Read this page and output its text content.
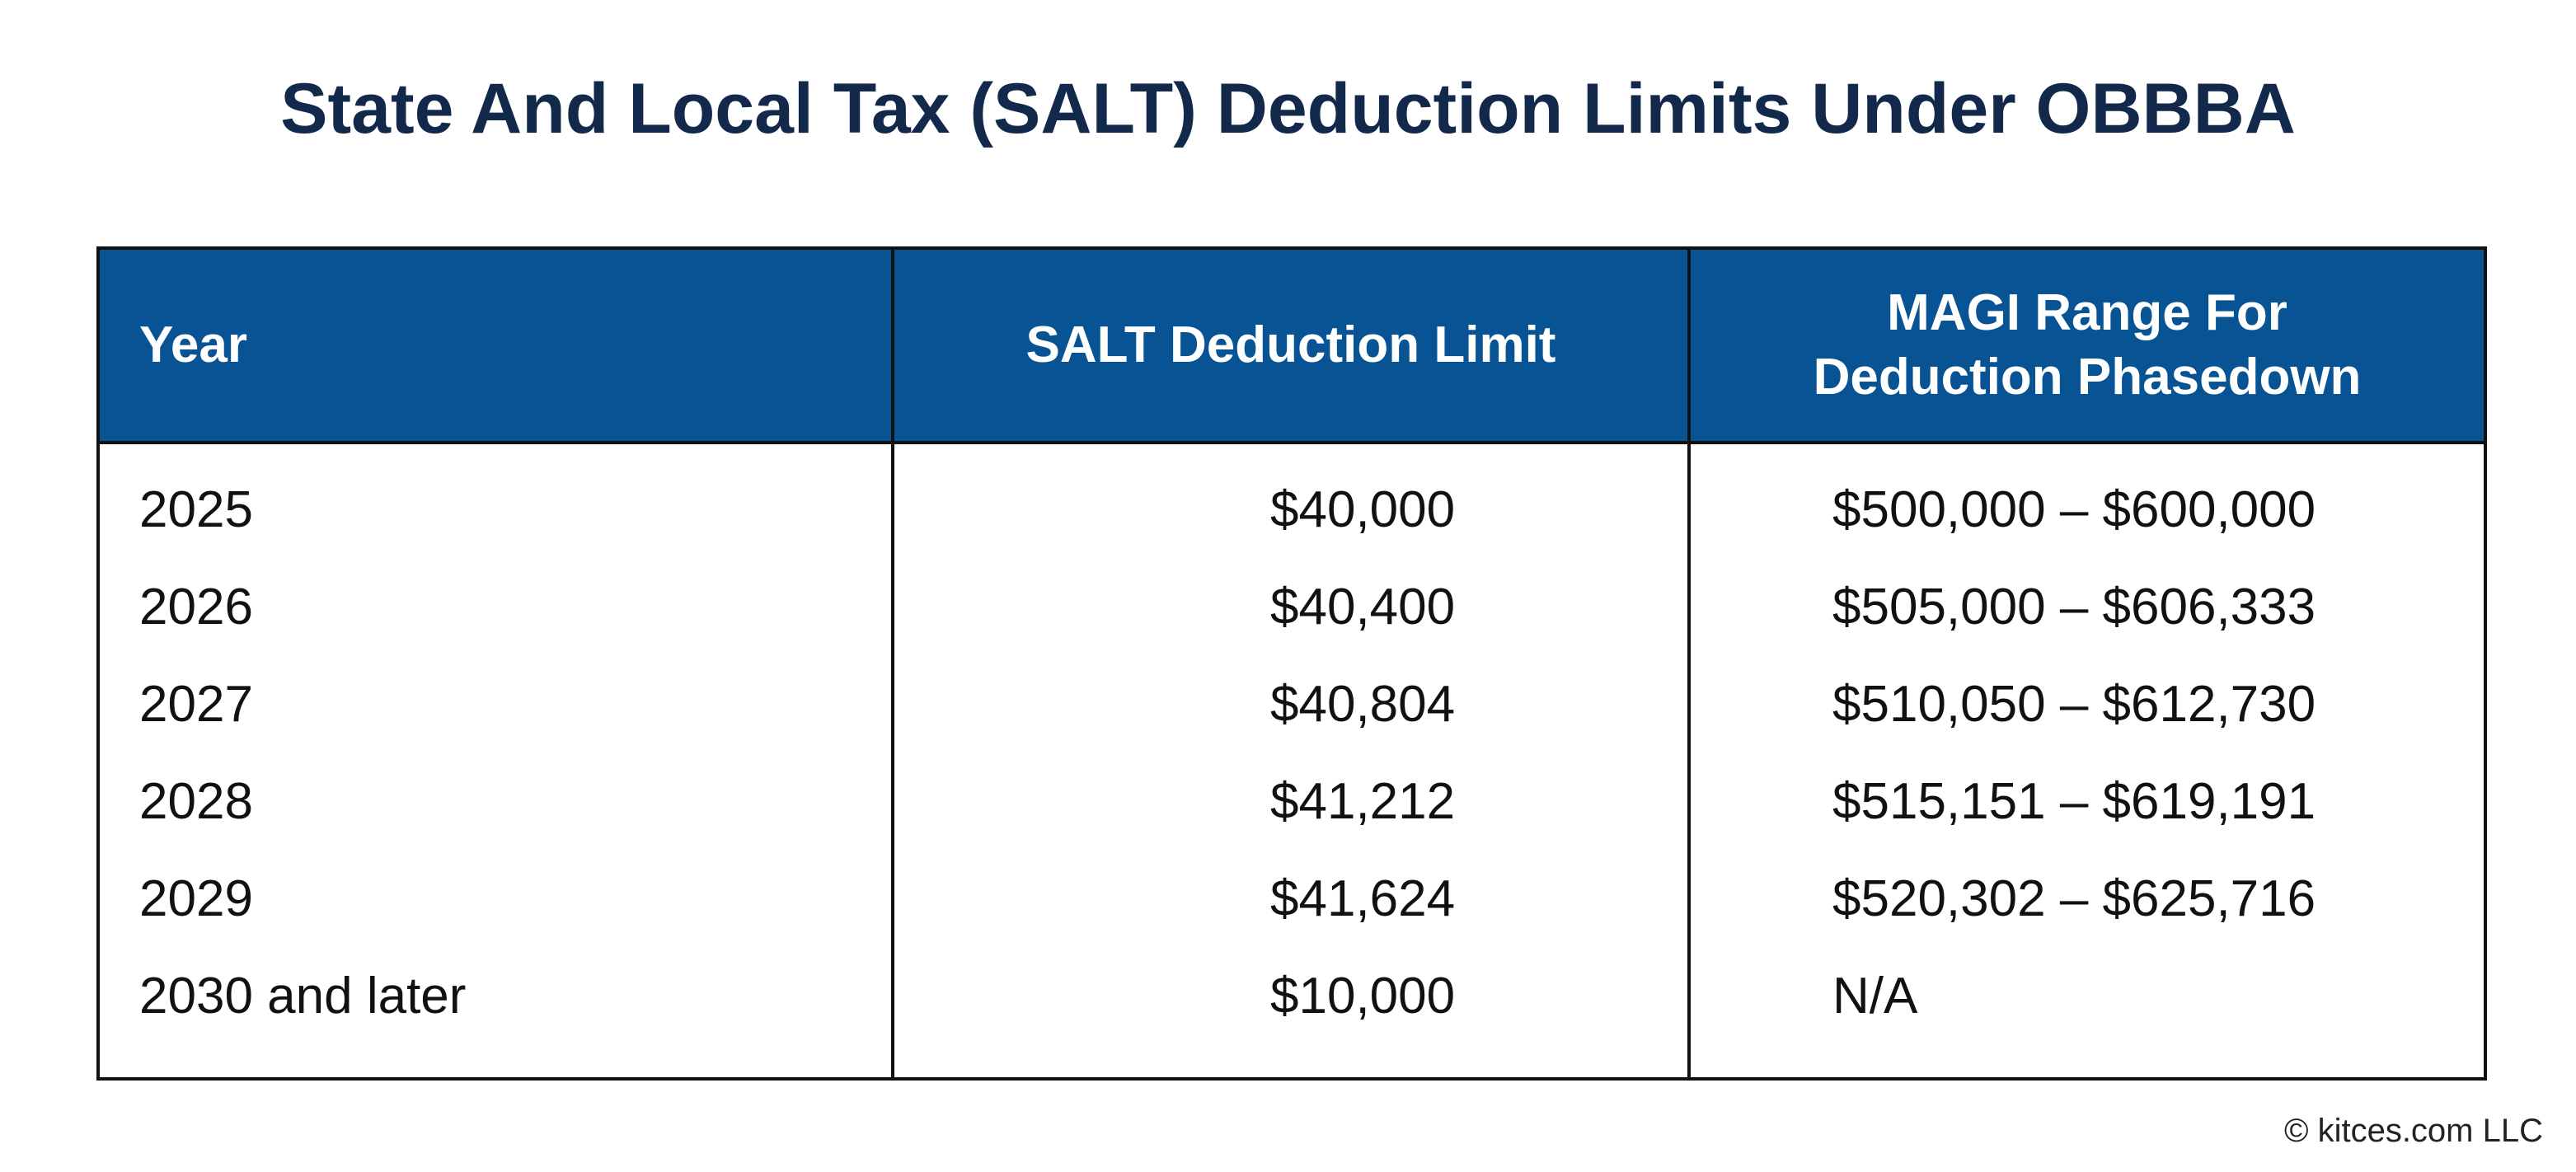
State And Local Tax (SALT) Deduction Limits Under OBBBA
Year	SALT Deduction Limit	MAGI Range For
Deduction Phasedown
2025	$40,000	$500,000 – $600,000
2026	$40,400	$505,000 – $606,333
2027	$40,804	$510,050 – $612,730
2028	$41,212	$515,151 – $619,191
2029	$41,624	$520,302 – $625,716
2030 and later	$10,000	N/A
© kitces.com LLC
